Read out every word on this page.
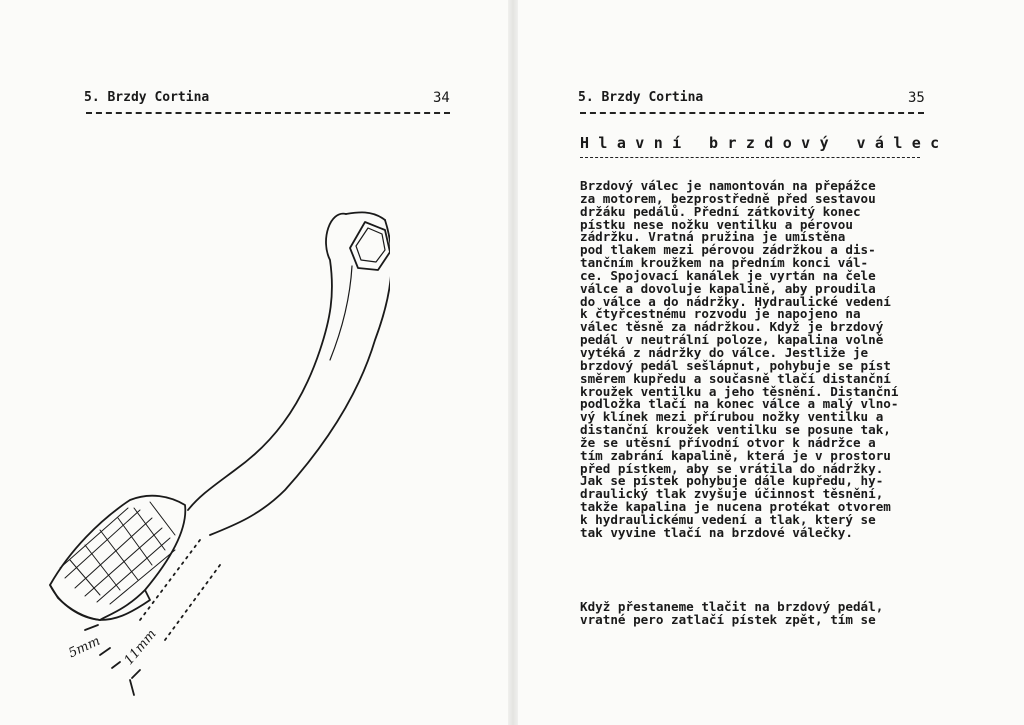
5. Brzdy Cortina	34
5mm 11mm
5. Brzdy Cortina	35
Hlavní brzdový válec
Brzdový válec je namontován na přepážce
za motorem, bezprostředně před sestavou
držáku pedálů. Přední zátkovitý konec
pístku nese nožku ventilku a pérovou
zádržku. Vratná pružina je umístěna
pod tlakem mezi pérovou zádržkou a dis-
tančním kroužkem na předním konci vál-
ce. Spojovací kanálek je vyrtán na čele
válce a dovoluje kapalině, aby proudila
do válce a do nádržky. Hydraulické vedení
k čtyřcestnému rozvodu je napojeno na
válec těsně za nádržkou. Když je brzdový
pedál v neutrální poloze, kapalina volně
vytéká z nádržky do válce. Jestliže je
brzdový pedál sešlápnut, pohybuje se píst
směrem kupředu a současně tlačí distanční
kroužek ventilku a jeho těsnění. Distanční
podložka tlačí na konec válce a malý vlno-
vý klínek mezi přírubou nožky ventilku a
distanční kroužek ventilku se posune tak,
že se utěsní přívodní otvor k nádržce a
tím zabrání kapalině, která je v prostoru
před pístkem, aby se vrátila do nádržky.
Jak se pístek pohybuje dále kupředu, hy-
draulický tlak zvyšuje účinnost těsnění,
takže kapalina je nucena protékat otvorem
k hydraulickému vedení a tlak, který se
tak vyvine tlačí na brzdové válečky.
Když přestaneme tlačit na brzdový pedál,
vratné pero zatlačí pístek zpět, tím se
